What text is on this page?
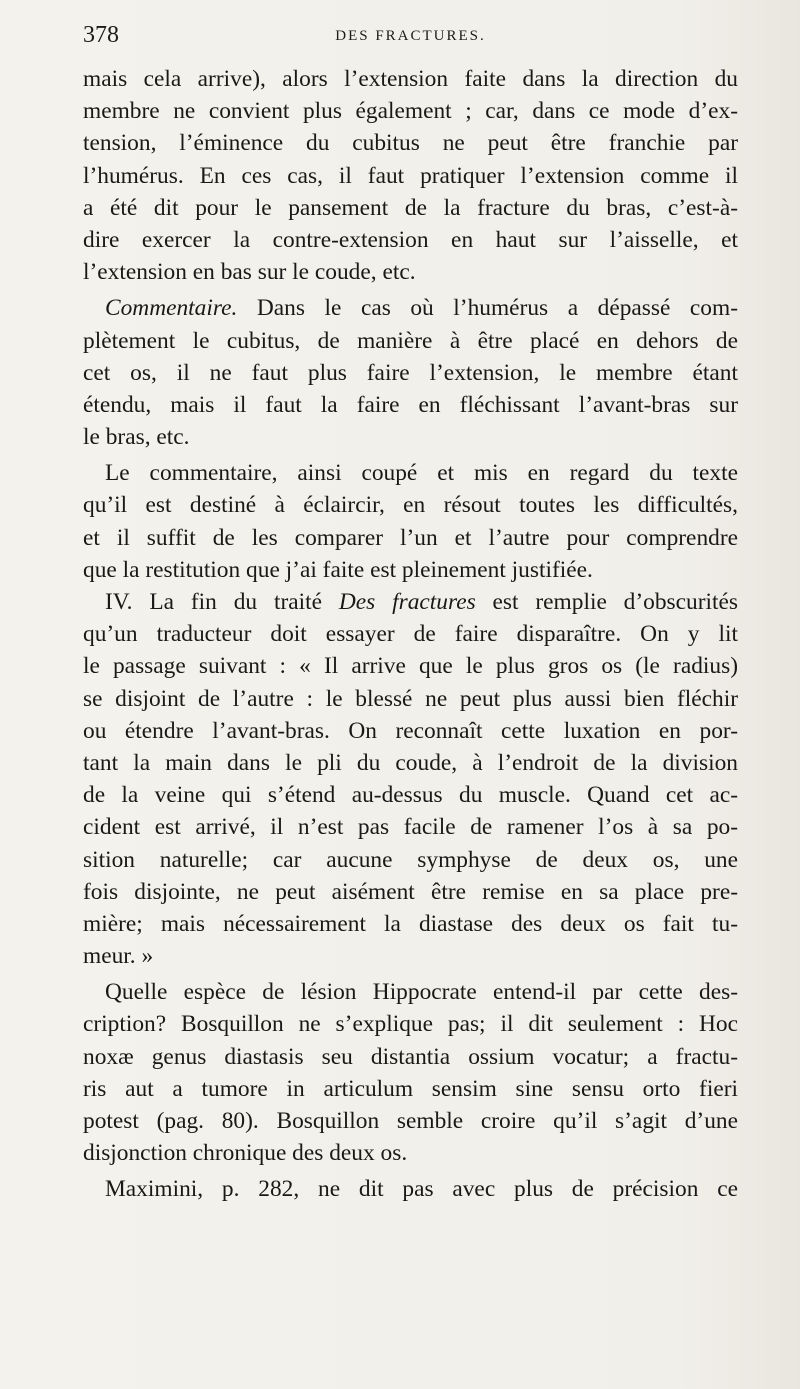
378	DES FRACTURES.
mais cela arrive), alors l’extension faite dans la direction du
membre ne convient plus également ; car, dans ce mode d’ex-
tension, l’éminence du cubitus ne peut être franchie par
l’humérus. En ces cas, il faut pratiquer l’extension comme il
a été dit pour le pansement de la fracture du bras, c’est-à-
dire exercer la contre-extension en haut sur l’aisselle, et
l’extension en bas sur le coude, etc.
Commentaire. Dans le cas où l’humérus a dépassé com-
plètement le cubitus, de manière à être placé en dehors de
cet os, il ne faut plus faire l’extension, le membre étant
étendu, mais il faut la faire en fléchissant l’avant-bras sur
le bras, etc.
Le commentaire, ainsi coupé et mis en regard du texte
qu’il est destiné à éclaircir, en résout toutes les difficultés,
et il suffit de les comparer l’un et l’autre pour comprendre
que la restitution que j’ai faite est pleinement justifiée.
IV. La fin du traité Des fractures est remplie d’obscurités
qu’un traducteur doit essayer de faire disparaître. On y lit
le passage suivant : « Il arrive que le plus gros os (le radius)
se disjoint de l’autre : le blessé ne peut plus aussi bien fléchir
ou étendre l’avant-bras. On reconnaît cette luxation en por-
tant la main dans le pli du coude, à l’endroit de la division
de la veine qui s’étend au-dessus du muscle. Quand cet ac-
cident est arrivé, il n’est pas facile de ramener l’os à sa po-
sition naturelle; car aucune symphyse de deux os, une
fois disjointe, ne peut aisément être remise en sa place pre-
mière; mais nécessairement la diastase des deux os fait tu-
meur. »
Quelle espèce de lésion Hippocrate entend-il par cette des-
cription? Bosquillon ne s’explique pas; il dit seulement : Hoc
noxæ genus diastasis seu distantia ossium vocatur; a fractu-
ris aut a tumore in articulum sensim sine sensu orto fieri
potest (pag. 80). Bosquillon semble croire qu’il s’agit d’une
disjonction chronique des deux os.
Maximini, p. 282, ne dit pas avec plus de précision ce
